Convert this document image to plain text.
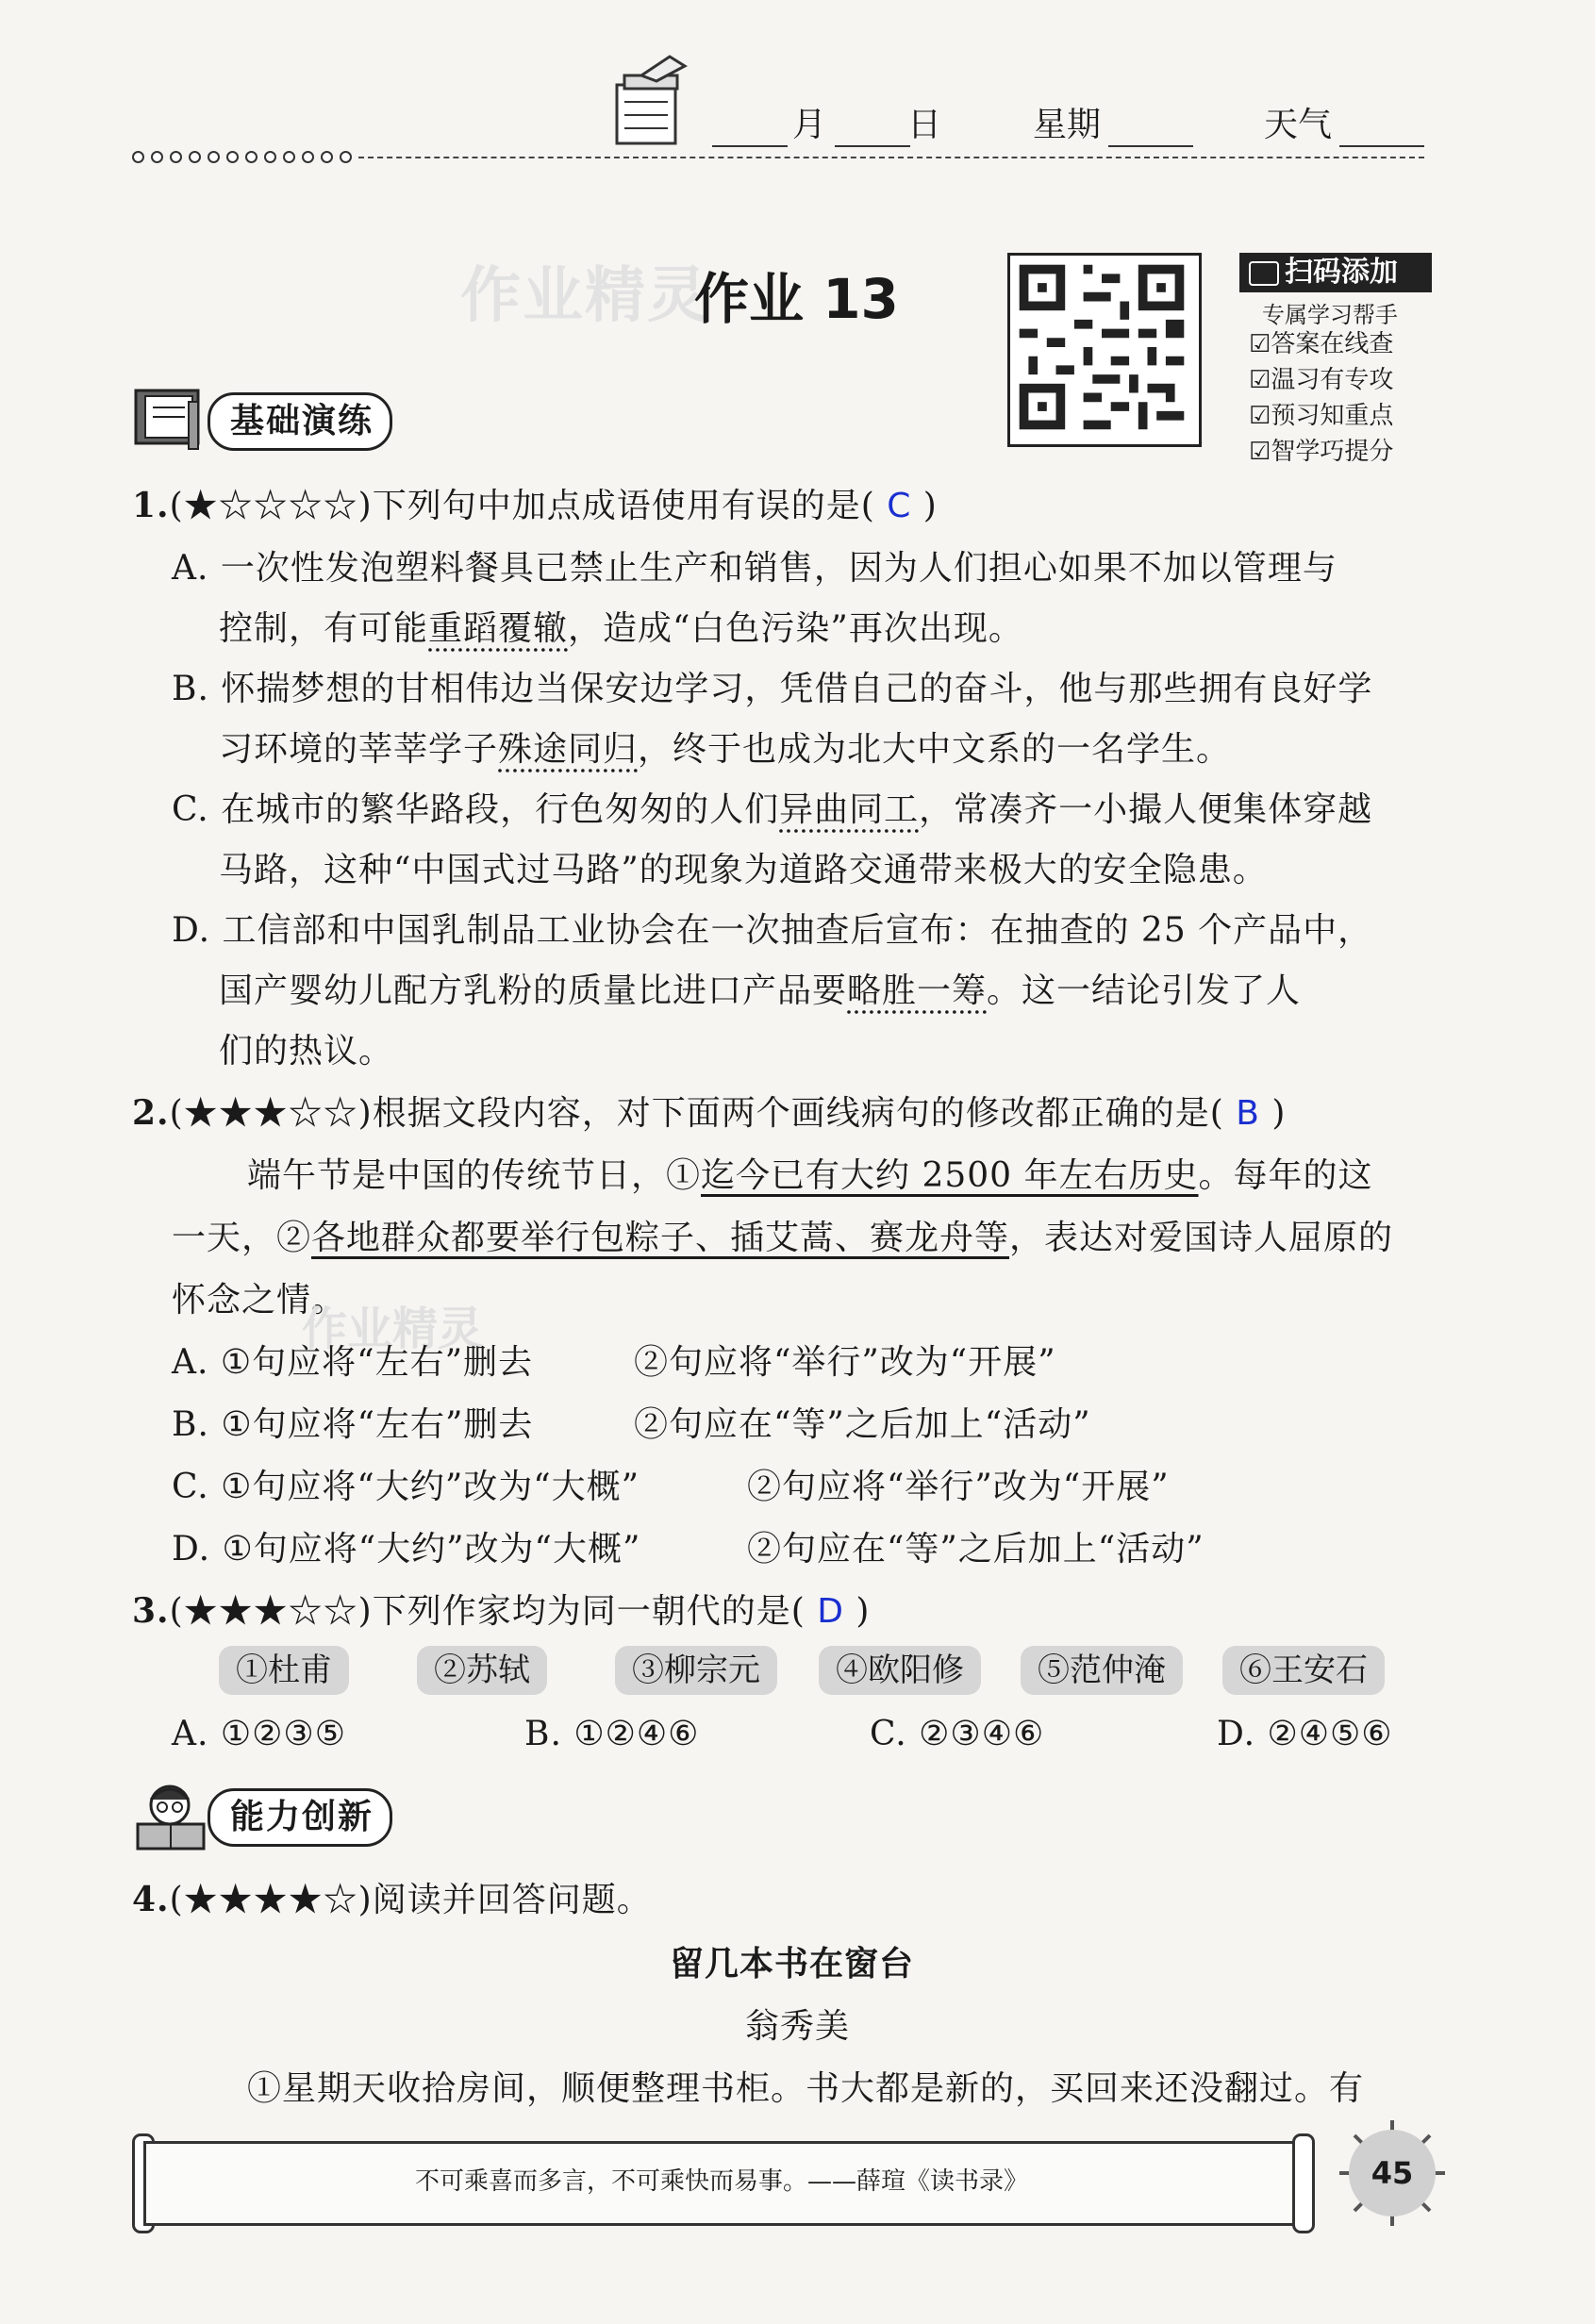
月 日	星期	天气
作业精灵
作业 13	扫码添加
专属学习帮手
☑答案在线查
☑温习有专攻
☑预习知重点
☑智学巧提分
基础演练
1.(★☆☆☆☆)下列句中加点成语使用有误的是( C )
A. 一次性发泡塑料餐具已禁止生产和销售，因为人们担心如果不加以管理与
控制，有可能重蹈覆辙，造成“白色污染”再次出现。
B. 怀揣梦想的甘相伟边当保安边学习，凭借自己的奋斗，他与那些拥有良好学
习环境的莘莘学子殊途同归，终于也成为北大中文系的一名学生。
C. 在城市的繁华路段，行色匆匆的人们异曲同工，常凑齐一小撮人便集体穿越
马路，这种“中国式过马路”的现象为道路交通带来极大的安全隐患。
D. 工信部和中国乳制品工业协会在一次抽查后宣布：在抽查的 25 个产品中，
国产婴幼儿配方乳粉的质量比进口产品要略胜一筹。这一结论引发了人
们的热议。
2.(★★★☆☆)根据文段内容，对下面两个画线病句的修改都正确的是( B )
端午节是中国的传统节日，①迄今已有大约 2500 年左右历史。每年的这
一天，②各地群众都要举行包粽子、插艾蒿、赛龙舟等，表达对爱国诗人屈原的
怀念之情。
作业精灵
A. ①句应将“左右”删去	②句应将“举行”改为“开展”
B. ①句应将“左右”删去	②句应在“等”之后加上“活动”
C. ①句应将“大约”改为“大概”	②句应将“举行”改为“开展”
D. ①句应将“大约”改为“大概”	②句应在“等”之后加上“活动”
3.(★★★☆☆)下列作家均为同一朝代的是( D )
①杜甫	②苏轼	③柳宗元	④欧阳修	⑤范仲淹	⑥王安石
A. ①②③⑤	B. ①②④⑥	C. ②③④⑥	D. ②④⑤⑥
能力创新
4.(★★★★☆)阅读并回答问题。
留几本书在窗台
翁秀美
①星期天收拾房间，顺便整理书柜。书大都是新的，买回来还没翻过。有
不可乘喜而多言，不可乘快而易事。——薛瑄《读书录》	45
